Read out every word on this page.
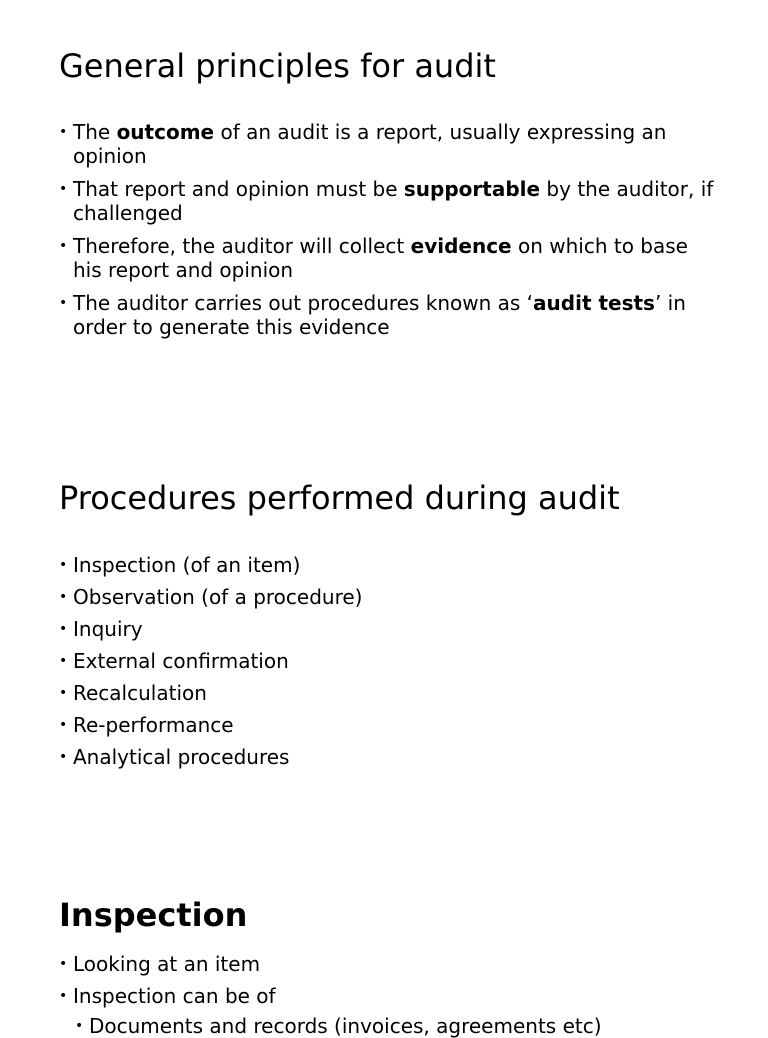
General principles for audit
• The outcome of an audit is a report, usually expressing an opinion
• That report and opinion must be supportable by the auditor, if challenged
• Therefore, the auditor will collect evidence on which to base his report and opinion
• The auditor carries out procedures known as ‘audit tests’ in order to generate this evidence
Procedures performed during audit
• Inspection (of an item)
• Observation (of a procedure)
• Inquiry
• External confirmation
• Recalculation
• Re-performance
• Analytical procedures
Inspection
• Looking at an item
• Inspection can be of
• Documents and records (invoices, agreements etc)
